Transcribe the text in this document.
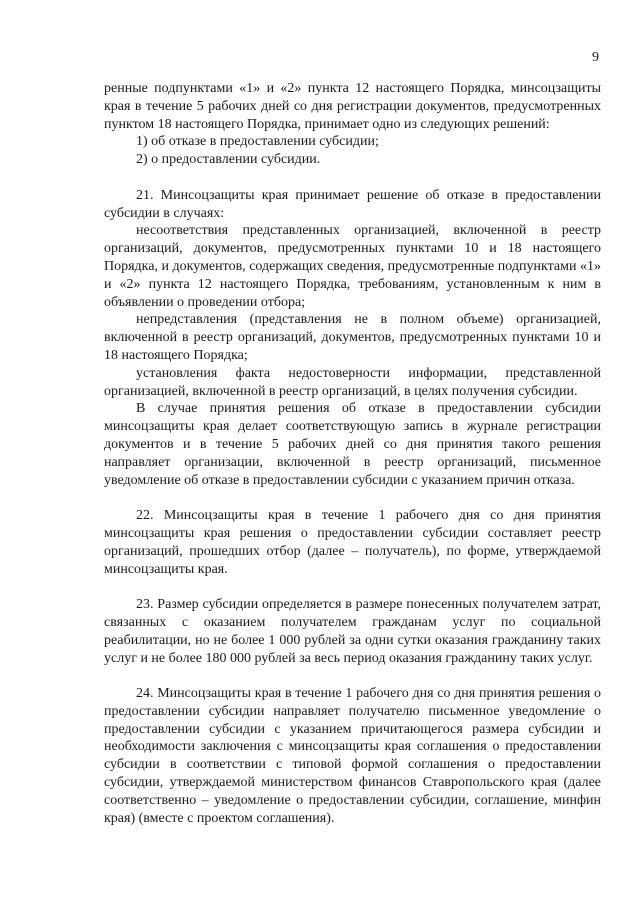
9

ренные подпунктами «1» и «2» пункта 12 настоящего Порядка, минсоцзащиты края в течение 5 рабочих дней со дня регистрации документов, предусмотренных пунктом 18 настоящего Порядка, принимает одно из следующих решений:

1) об отказе в предоставлении субсидии;

2) о предоставлении субсидии.

21. Минсоцзащиты края принимает решение об отказе в предоставлении субсидии в случаях:

несоответствия представленных организацией, включенной в реестр организаций, документов, предусмотренных пунктами 10 и 18 настоящего Порядка, и документов, содержащих сведения, предусмотренные подпунктами «1» и «2» пункта 12 настоящего Порядка, требованиям, установленным к ним в объявлении о проведении отбора;

непредставления (представления не в полном объеме) организацией, включенной в реестр организаций, документов, предусмотренных пунктами 10 и 18 настоящего Порядка;

установления факта недостоверности информации, представленной организацией, включенной в реестр организаций, в целях получения субсидии.

В случае принятия решения об отказе в предоставлении субсидии минсоцзащиты края делает соответствующую запись в журнале регистрации документов и в течение 5 рабочих дней со дня принятия такого решения направляет организации, включенной в реестр организаций, письменное уведомление об отказе в предоставлении субсидии с указанием причин отказа.

22. Минсоцзащиты края в течение 1 рабочего дня со дня принятия минсоцзащиты края решения о предоставлении субсидии составляет реестр организаций, прошедших отбор (далее – получатель), по форме, утверждаемой минсоцзащиты края.

23. Размер субсидии определяется в размере понесенных получателем затрат, связанных с оказанием получателем гражданам услуг по социальной реабилитации, но не более 1 000 рублей за одни сутки оказания гражданину таких услуг и не более 180 000 рублей за весь период оказания гражданину таких услуг.

24. Минсоцзащиты края в течение 1 рабочего дня со дня принятия решения о предоставлении субсидии направляет получателю письменное уведомление о предоставлении субсидии с указанием причитающегося размера субсидии и необходимости заключения с минсоцзащиты края соглашения о предоставлении субсидии в соответствии с типовой формой соглашения о предоставлении субсидии, утверждаемой министерством финансов Ставропольского края (далее соответственно – уведомление о предоставлении субсидии, соглашение, минфин края) (вместе с проектом соглашения).
